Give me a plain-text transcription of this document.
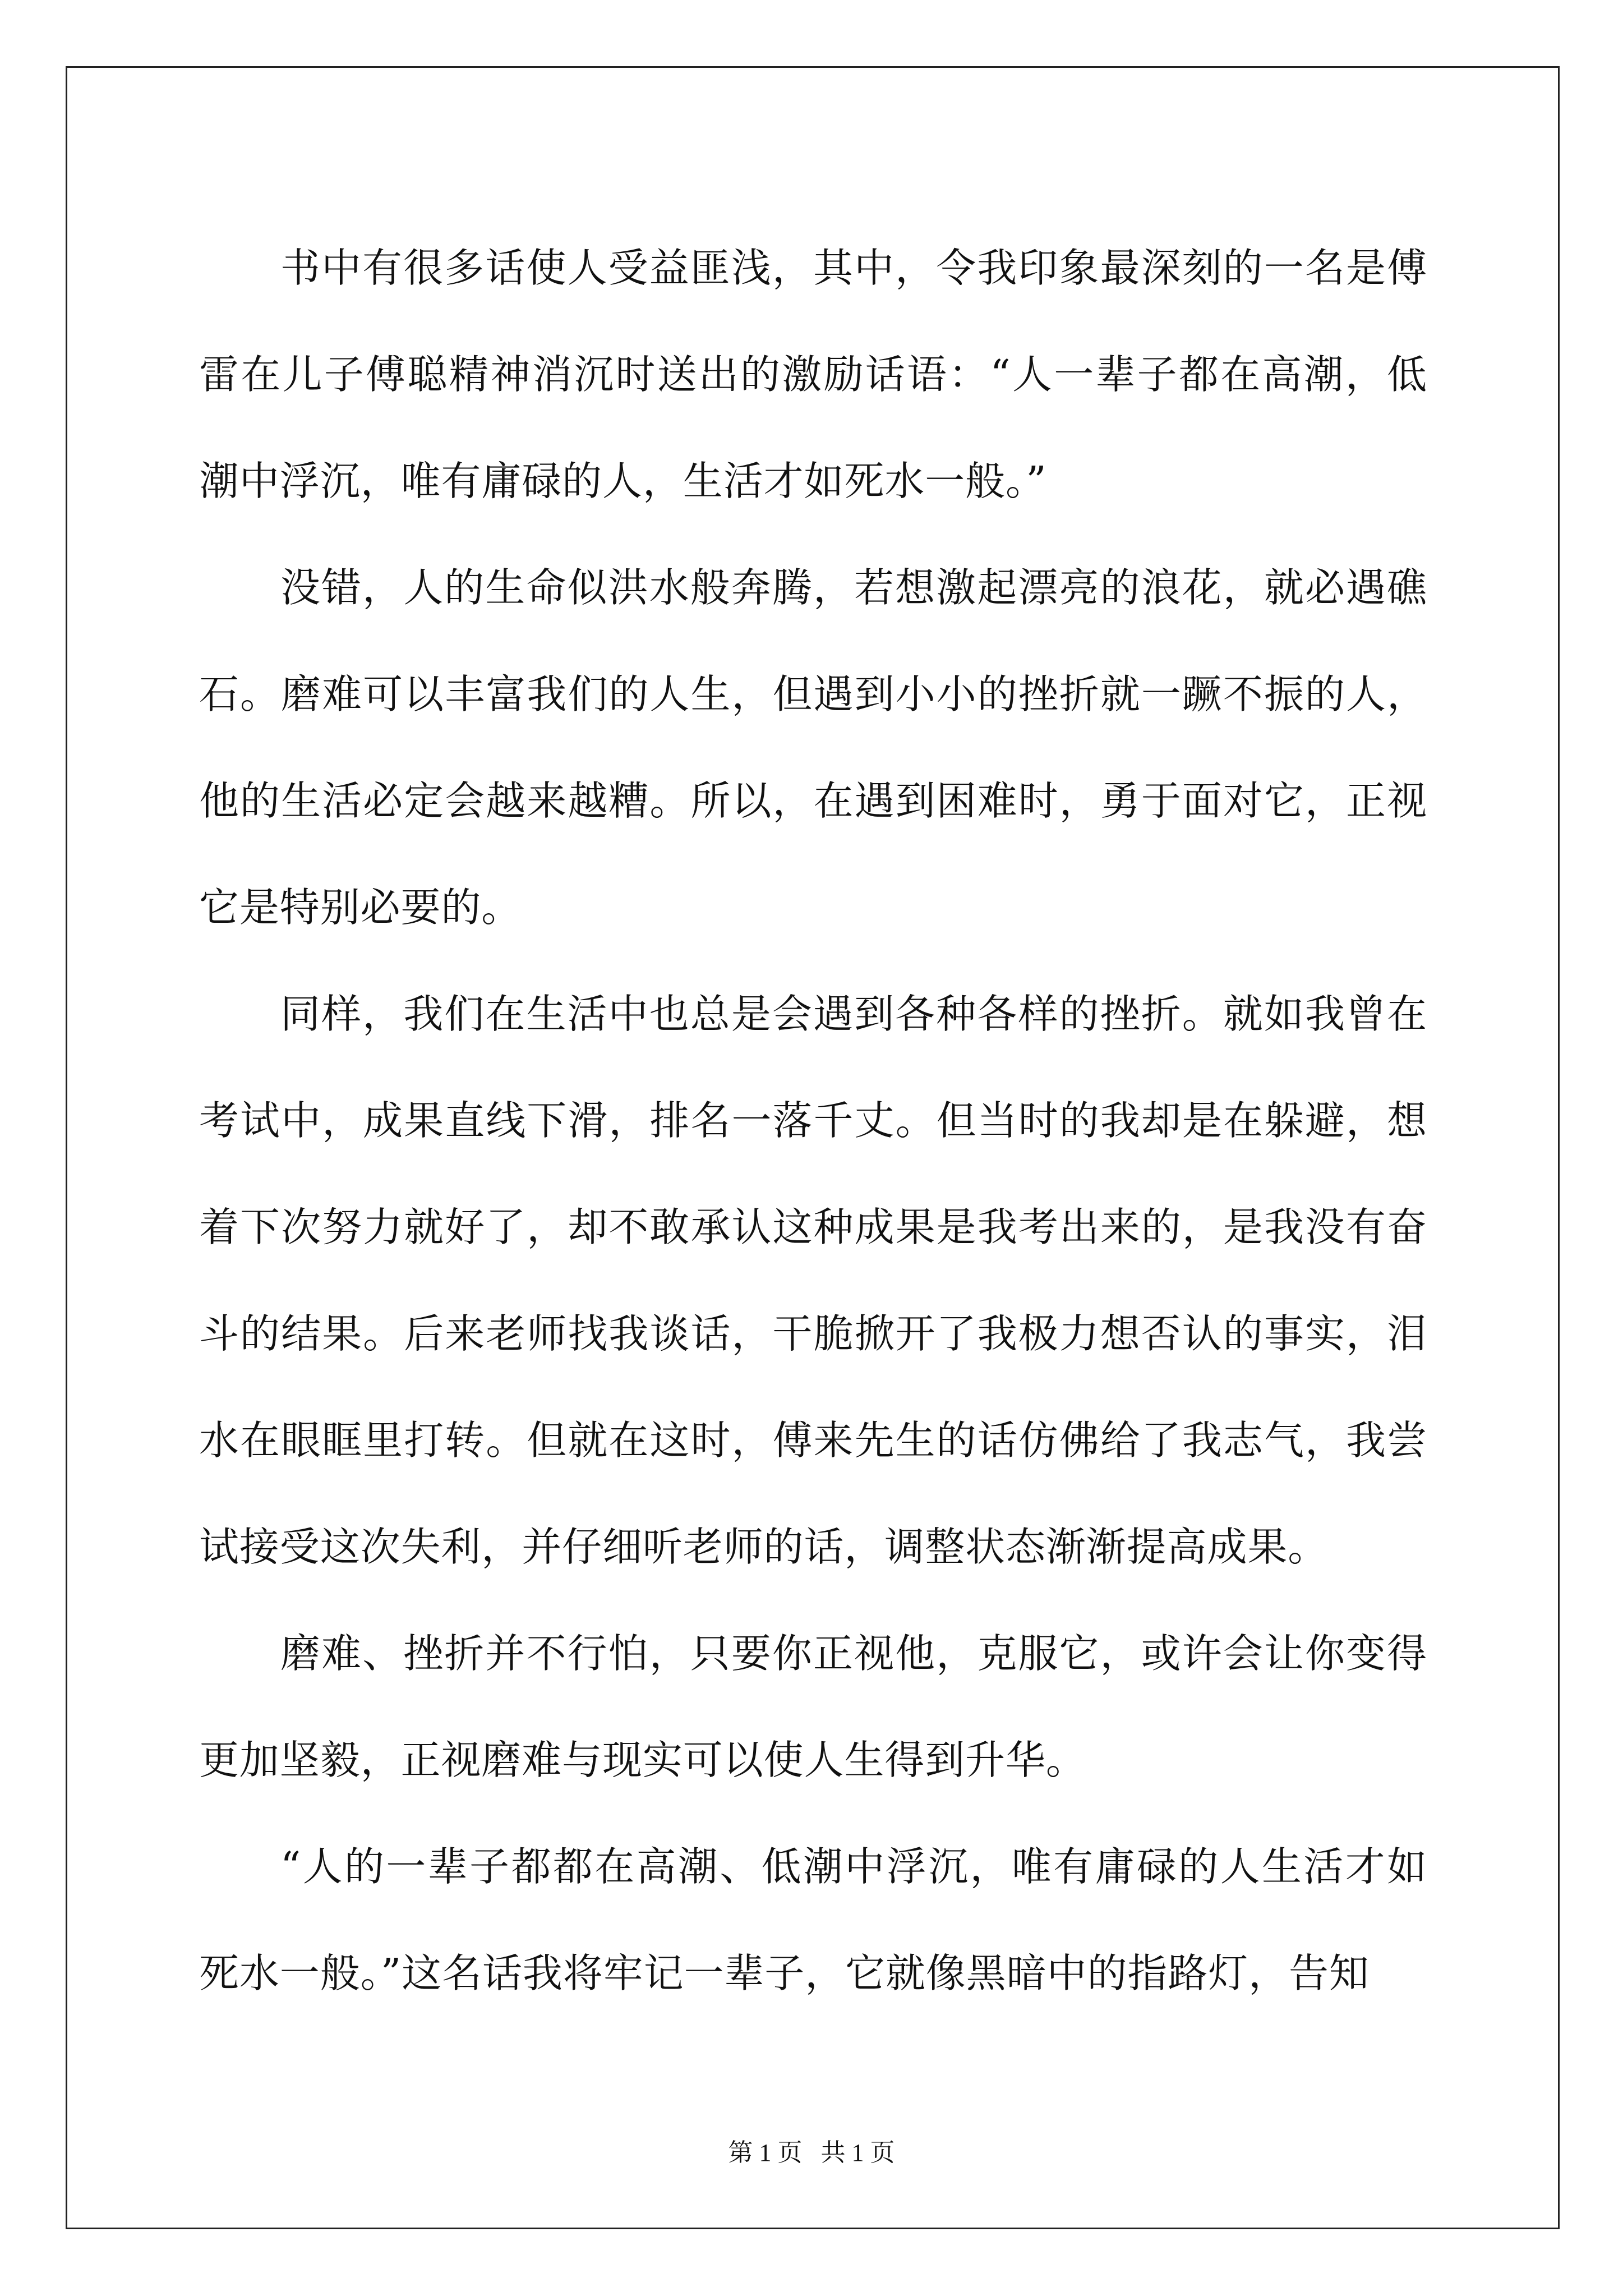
书中有很多话使人受益匪浅，其中，令我印象最深刻的一名是傅雷在儿子傅聪精神消沉时送出的激励话语：“人一辈子都在高潮，低潮中浮沉，唯有庸碌的人，生活才如死水一般。”

没错，人的生命似洪水般奔腾，若想激起漂亮的浪花，就必遇礁石。磨难可以丰富我们的人生，但遇到小小的挫折就一蹶不振的人，他的生活必定会越来越糟。所以，在遇到困难时，勇于面对它，正视它是特别必要的。

同样，我们在生活中也总是会遇到各种各样的挫折。就如我曾在考试中，成果直线下滑，排名一落千丈。但当时的我却是在躲避，想着下次努力就好了，却不敢承认这种成果是我考出来的，是我没有奋斗的结果。后来老师找我谈话，干脆掀开了我极力想否认的事实，泪水在眼眶里打转。但就在这时，傅来先生的话仿佛给了我志气，我尝试接受这次失利，并仔细听老师的话，调整状态渐渐提高成果。

磨难、挫折并不行怕，只要你正视他，克服它，或许会让你变得更加坚毅，正视磨难与现实可以使人生得到升华。

“人的一辈子都都在高潮、低潮中浮沉，唯有庸碌的人生活才如死水一般。”这名话我将牢记一辈子，它就像黑暗中的指路灯，告知

第 1 页 共 1 页
